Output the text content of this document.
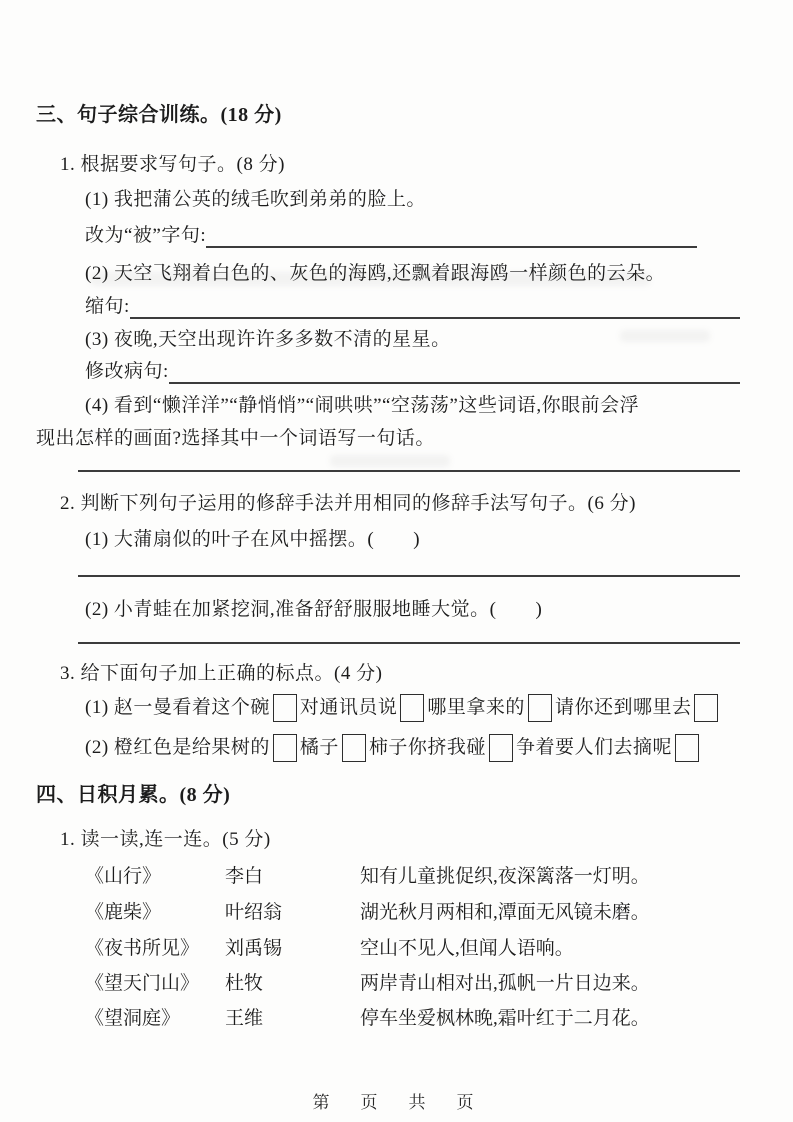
三、句子综合训练。(18 分)
1. 根据要求写句子。(8 分)
(1) 我把蒲公英的绒毛吹到弟弟的脸上。
改为“被”字句:
(2) 天空飞翔着白色的、灰色的海鸥,还飘着跟海鸥一样颜色的云朵。
缩句:
(3) 夜晚,天空出现许许多多数不清的星星。
修改病句:
(4) 看到“懒洋洋”“静悄悄”“闹哄哄”“空荡荡”这些词语,你眼前会浮
现出怎样的画面?选择其中一个词语写一句话。
2. 判断下列句子运用的修辞手法并用相同的修辞手法写句子。(6 分)
(1) 大蒲扇似的叶子在风中摇摆。(　　)
(2) 小青蛙在加紧挖洞,准备舒舒服服地睡大觉。(　　)
3. 给下面句子加上正确的标点。(4 分)
(1) 赵一曼看着这个碗 对通讯员说 哪里拿来的 请你还到哪里去
(2) 橙红色是给果树的 橘子 柿子你挤我碰 争着要人们去摘呢
四、日积月累。(8 分)
1. 读一读,连一连。(5 分)
《山行》	李白	知有儿童挑促织,夜深篱落一灯明。
《鹿柴》	叶绍翁	湖光秋月两相和,潭面无风镜未磨。
《夜书所见》 刘禹锡	空山不见人,但闻人语响。
《望天门山》 杜牧	两岸青山相对出,孤帆一片日边来。
《望洞庭》 王维	停车坐爱枫林晚,霜叶红于二月花。
第　页　共　页
